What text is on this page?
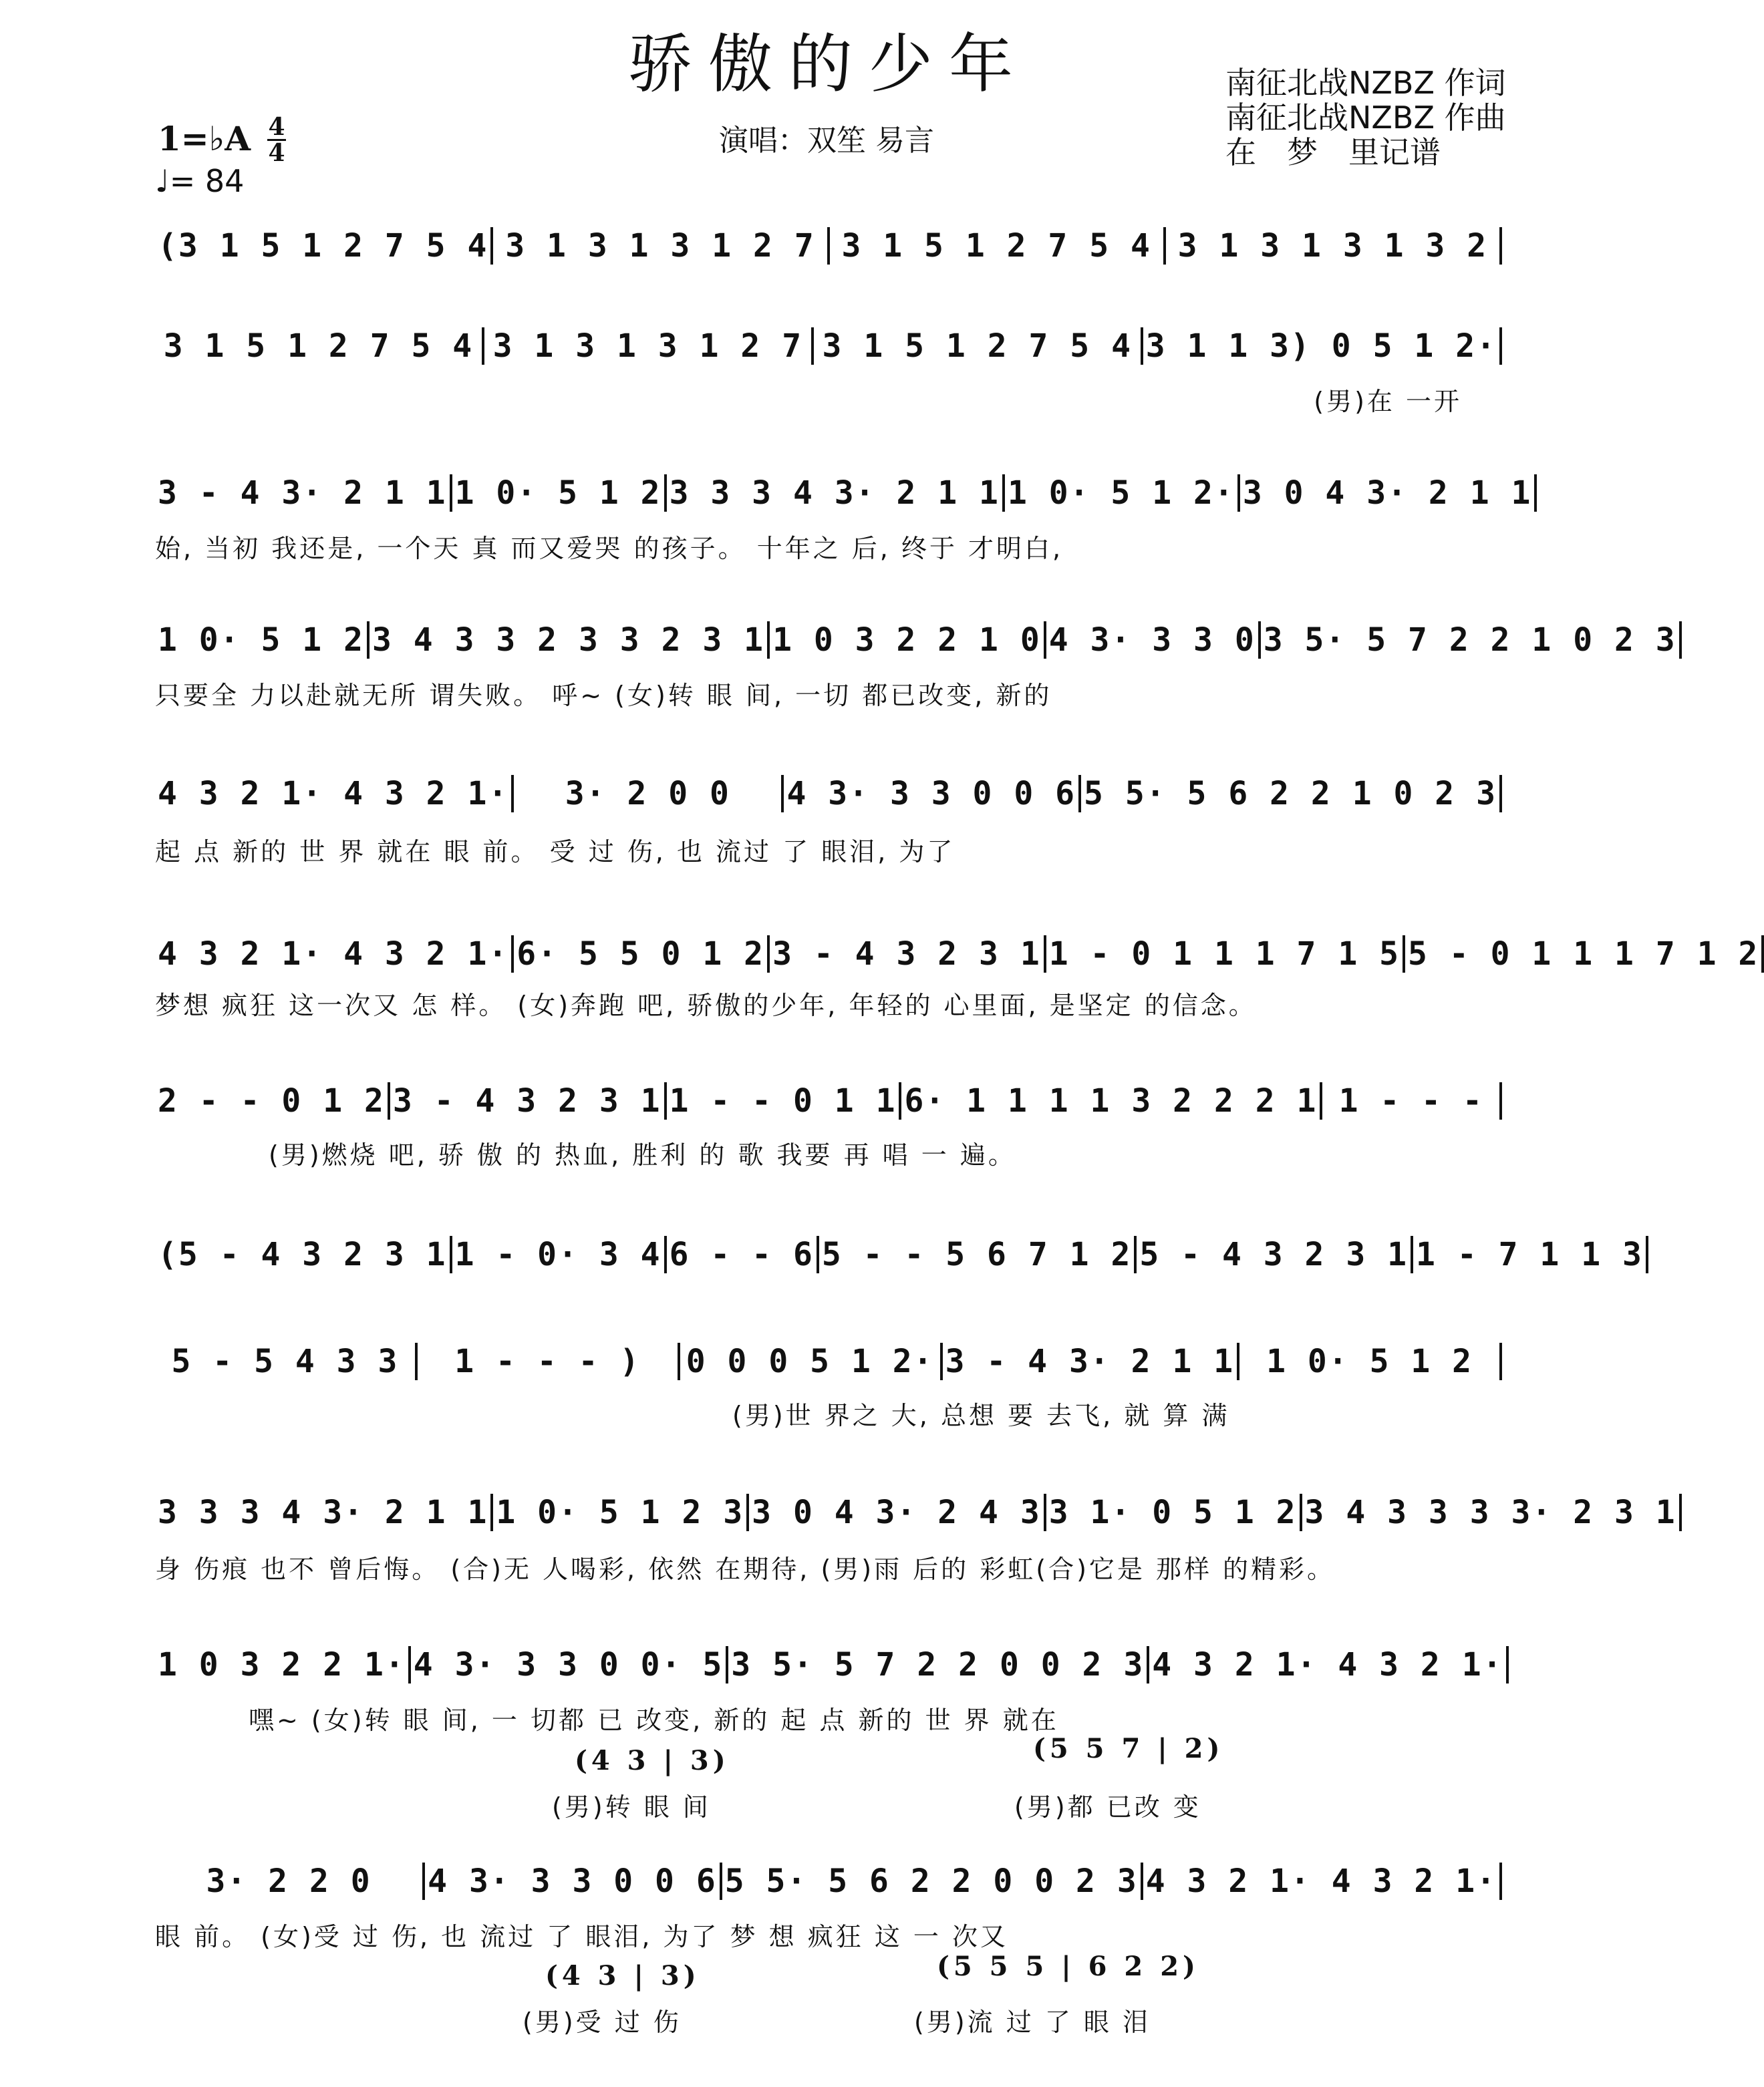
骄傲的少年	南征北战NZBZ 作词
南征北战NZBZ 作曲
在　梦　里记谱
1=♭A 4
4
♩= 84
演唱：双笙 易言
(3 1 5 1 2 7 5 4 3 1 3 1 3 1 2 7 3 1 5 1 2 7 5 4 3 1 3 1 3 1 3 2
3 1 5 1 2 7 5 4 3 1 3 1 3 1 2 7 3 1 5 1 2 7 5 4 3 1 1 3) 0 5 1 2·
(男)在 一开
3 - 4 3· 2 1 1 1 0· 5 1 2 3 3 3 4 3· 2 1 1 1 0· 5 1 2· 3 0 4 3· 2 1 1
始, 当初 我还是, 一个天 真 而又爱哭 的孩子。 十年之 后, 终于 才明白,
1 0· 5 1 2 3 4 3 3 2 3 3 2 3 1 1 0 3 2 2 1 0 4 3· 3 3 0 3 5· 5 7 2 2 1 0 2 3
只要全 力以赴就无所 谓失败。 呼~ (女)转 眼 间, 一切 都已改变, 新的
4 3 2 1· 4 3 2 1·	3· 2 0 0	4 3· 3 3 0 0 6 5 5· 5 6 2 2 1 0 2 3
起 点 新的 世 界 就在 眼 前。 受 过 伤, 也 流过 了 眼泪, 为了
4 3 2 1· 4 3 2 1· 6· 5 5 0 1 2 3 - 4 3 2 3 1 1 - 0 1 1 1 7 1 5 5 - 0 1 1 1 7 1 2
梦想 疯狂 这一次又 怎 样。 (女)奔跑 吧, 骄傲的少年, 年轻的 心里面, 是坚定 的信念。
2 - - 0 1 2 3 - 4 3 2 3 1 1 - - 0 1 1 6· 1 1 1 1 3 2 2 2 1 1 - - -
(男)燃烧 吧, 骄 傲 的 热血, 胜利 的 歌 我要 再 唱 一 遍。
(5 - 4 3 2 3 1 1 - 0· 3 4 6 - - 6 5 - - 5 6 7 1 2 5 - 4 3 2 3 1 1 - 7 1 1 3
5 - 5 4 3 3	1 - - - )	0 0 0 5 1 2· 3 - 4 3· 2 1 1 1 0· 5 1 2
(男)世 界之 大, 总想 要 去飞, 就 算 满
3 3 3 4 3· 2 1 1 1 0· 5 1 2 3 3 0 4 3· 2 4 3 3 1· 0 5 1 2 3 4 3 3 3 3· 2 3 1
身 伤痕 也不 曾后悔。 (合)无 人喝彩, 依然 在期待, (男)雨 后的 彩虹(合)它是 那样 的精彩。
1 0 3 2 2 1· 4 3· 3 3 0 0· 5 3 5· 5 7 2 2 0 0 2 3 4 3 2 1· 4 3 2 1·
嘿~ (女)转 眼 间, 一 切都 已 改变, 新的 起 点 新的 世 界 就在
(4 3 | 3)	(5 5 7 | 2)
(男)转 眼 间	(男)都 已改 变
3· 2 2 0	4 3· 3 3 0 0 6 5 5· 5 6 2 2 0 0 2 3 4 3 2 1· 4 3 2 1·
眼 前。 (女)受 过 伤, 也 流过 了 眼泪, 为了 梦 想 疯狂 这 一 次又
(4 3 | 3)	(5 5 5 | 6 2 2)
(男)受 过 伤	(男)流 过 了 眼 泪
